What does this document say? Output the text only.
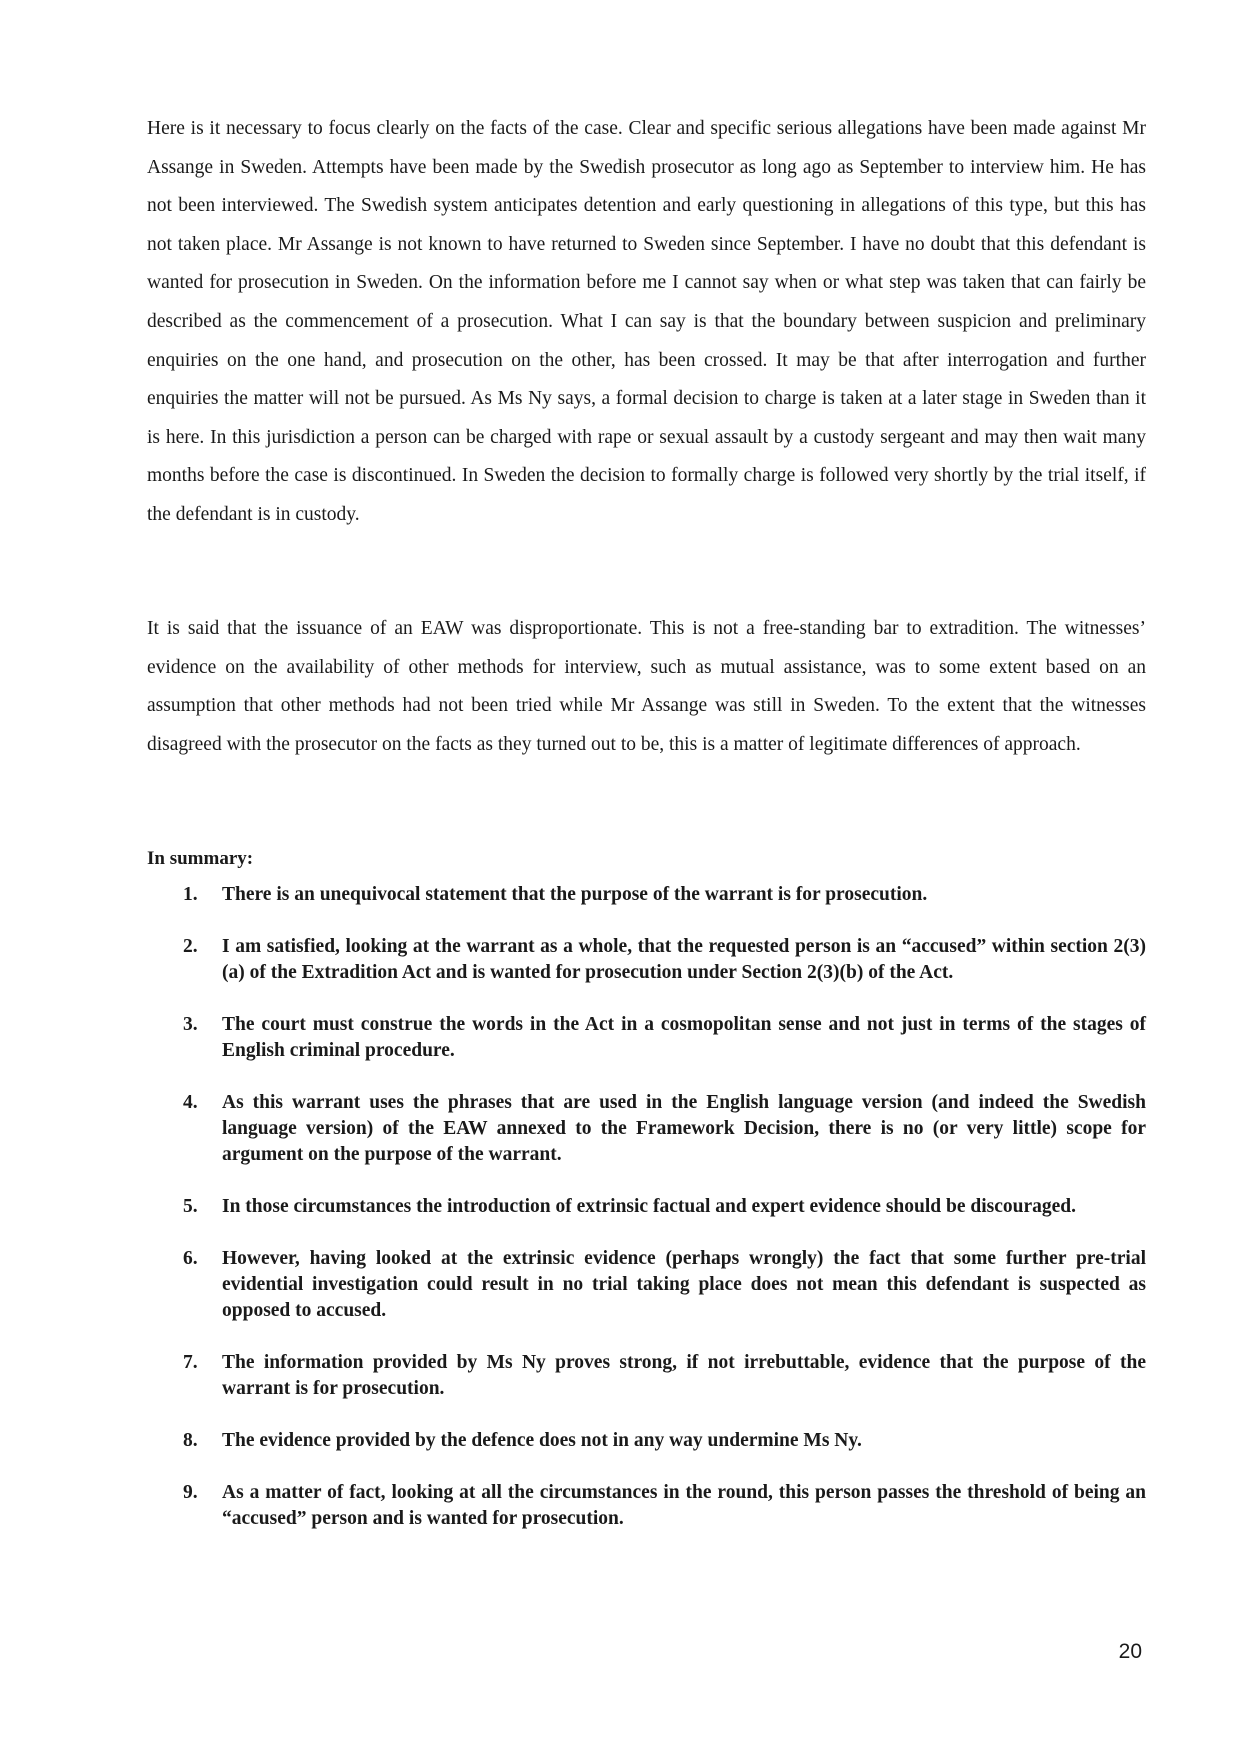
Here is it necessary to focus clearly on the facts of the case. Clear and specific serious allegations have been made against Mr Assange in Sweden. Attempts have been made by the Swedish prosecutor as long ago as September to interview him. He has not been interviewed. The Swedish system anticipates detention and early questioning in allegations of this type, but this has not taken place. Mr Assange is not known to have returned to Sweden since September. I have no doubt that this defendant is wanted for prosecution in Sweden. On the information before me I cannot say when or what step was taken that can fairly be described as the commencement of a prosecution. What I can say is that the boundary between suspicion and preliminary enquiries on the one hand, and prosecution on the other, has been crossed. It may be that after interrogation and further enquiries the matter will not be pursued. As Ms Ny says, a formal decision to charge is taken at a later stage in Sweden than it is here. In this jurisdiction a person can be charged with rape or sexual assault by a custody sergeant and may then wait many months before the case is discontinued. In Sweden the decision to formally charge is followed very shortly by the trial itself, if the defendant is in custody.

It is said that the issuance of an EAW was disproportionate. This is not a free-standing bar to extradition. The witnesses’ evidence on the availability of other methods for interview, such as mutual assistance, was to some extent based on an assumption that other methods had not been tried while Mr Assange was still in Sweden. To the extent that the witnesses disagreed with the prosecutor on the facts as they turned out to be, this is a matter of legitimate differences of approach.

In summary:

1. There is an unequivocal statement that the purpose of the warrant is for prosecution.
2. I am satisfied, looking at the warrant as a whole, that the requested person is an “accused” within section 2(3)(a) of the Extradition Act and is wanted for prosecution under Section 2(3)(b) of the Act.
3. The court must construe the words in the Act in a cosmopolitan sense and not just in terms of the stages of English criminal procedure.
4. As this warrant uses the phrases that are used in the English language version (and indeed the Swedish language version) of the EAW annexed to the Framework Decision, there is no (or very little) scope for argument on the purpose of the warrant.
5. In those circumstances the introduction of extrinsic factual and expert evidence should be discouraged.
6. However, having looked at the extrinsic evidence (perhaps wrongly) the fact that some further pre-trial evidential investigation could result in no trial taking place does not mean this defendant is suspected as opposed to accused.
7. The information provided by Ms Ny proves strong, if not irrebuttable, evidence that the purpose of the warrant is for prosecution.
8. The evidence provided by the defence does not in any way undermine Ms Ny.
9. As a matter of fact, looking at all the circumstances in the round, this person passes the threshold of being an “accused” person and is wanted for prosecution.
20
